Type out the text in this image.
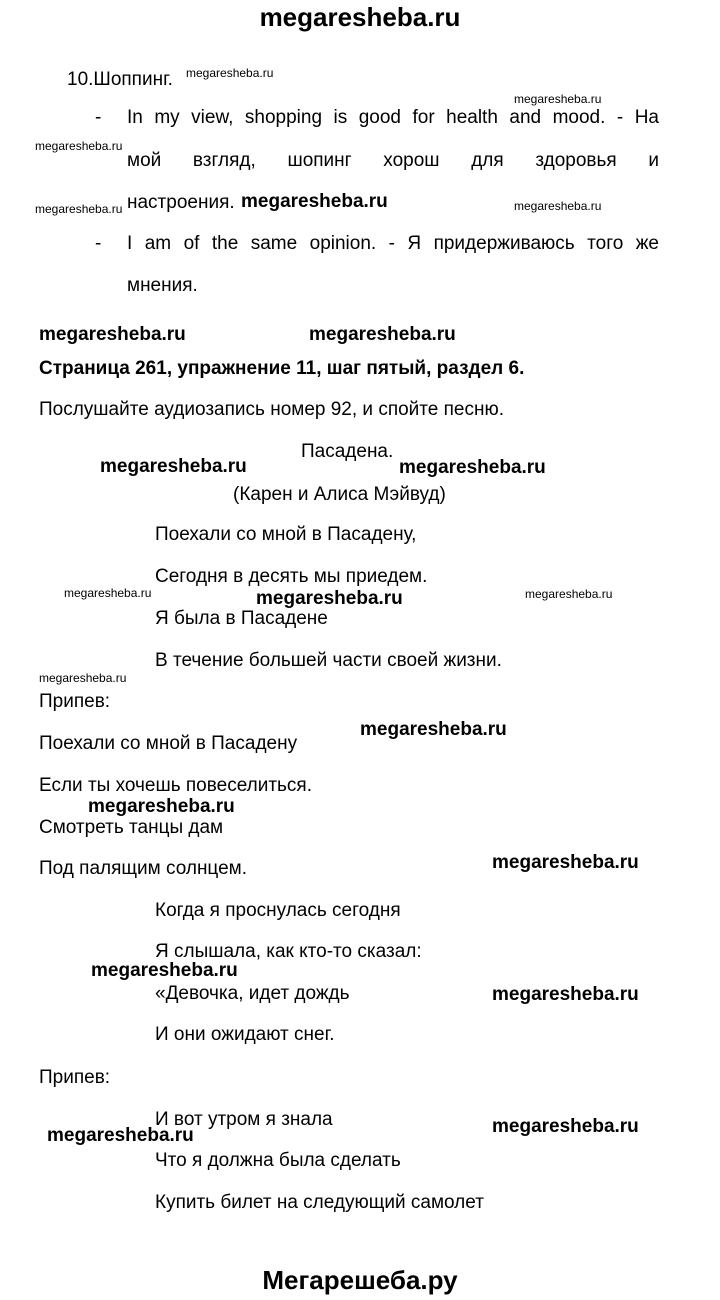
megaresheba.ru
Мегарешеба.ру
10.Шоппинг.
- In my view, shopping is good for health and mood. - На
мой взгляд, шопинг хорош для здоровья и
настроения.
- I am of the same opinion. - Я придерживаюсь того же
мнения.
Страница 261, упражнение 11, шаг пятый, раздел 6.
Послушайте аудиозапись номер 92, и спойте песню.
Пасадена.
(Карен и Алиса Мэйвуд)
Поехали со мной в Пасадену,
Сегодня в десять мы приедем.
Я была в Пасадене
В течение большей части своей жизни.
Припев:
Поехали со мной в Пасадену
Если ты хочешь повеселиться.
Смотреть танцы дам
Под палящим солнцем.
Когда я проснулась сегодня
Я слышала, как кто-то сказал:
«Девочка, идет дождь
И они ожидают снег.
Припев:
И вот утром я знала
Что я должна была сделать
Купить билет на следующий самолет
megaresheba.ru
megaresheba.ru
megaresheba.ru
megaresheba.ru	megaresheba.ru
megaresheba.ru	megaresheba.ru
megaresheba.ru
megaresheba.ru
megaresheba.ru	megaresheba.ru
megaresheba.ru	megaresheba.ru
megaresheba.ru
megaresheba.ru
megaresheba.ru
megaresheba.ru
megaresheba.ru
megaresheba.ru
megaresheba.ru
megaresheba.ru
